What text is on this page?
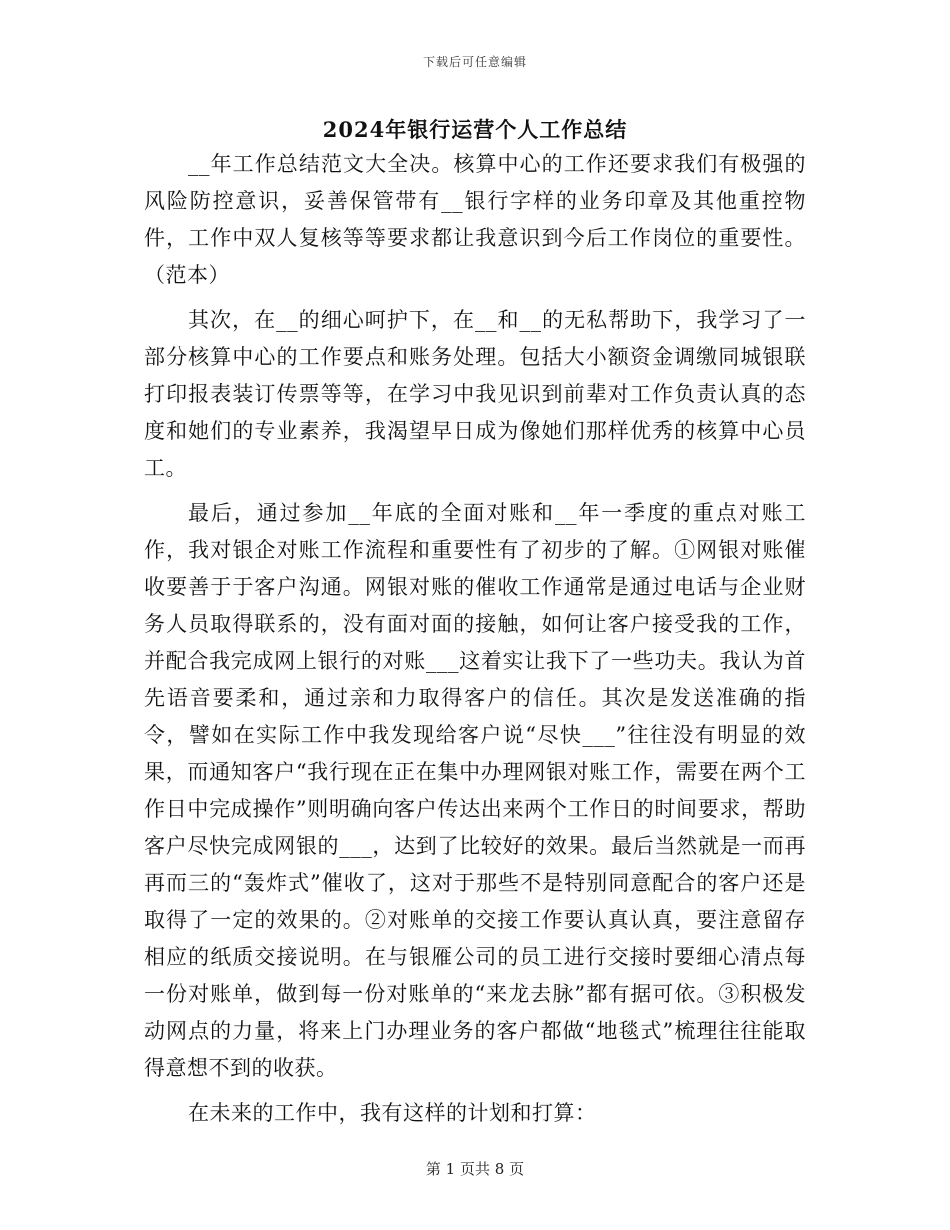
下载后可任意编辑
2024年银行运营个人工作总结

__年工作总结范文大全决。核算中心的工作还要求我们有极强的风险防控意识，妥善保管带有__银行字样的业务印章及其他重控物件，工作中双人复核等等要求都让我意识到今后工作岗位的重要性。（范本）

其次，在__的细心呵护下，在__和__的无私帮助下，我学习了一部分核算中心的工作要点和账务处理。包括大小额资金调缴同城银联打印报表装订传票等等，在学习中我见识到前辈对工作负责认真的态度和她们的专业素养，我渴望早日成为像她们那样优秀的核算中心员工。

最后，通过参加__年底的全面对账和__年一季度的重点对账工作，我对银企对账工作流程和重要性有了初步的了解。①网银对账催收要善于于客户沟通。网银对账的催收工作通常是通过电话与企业财务人员取得联系的，没有面对面的接触，如何让客户接受我的工作，并配合我完成网上银行的对账___这着实让我下了一些功夫。我认为首先语音要柔和，通过亲和力取得客户的信任。其次是发送准确的指令，譬如在实际工作中我发现给客户说“尽快___”往往没有明显的效果，而通知客户“我行现在正在集中办理网银对账工作，需要在两个工作日中完成操作”则明确向客户传达出来两个工作日的时间要求，帮助客户尽快完成网银的___，达到了比较好的效果。最后当然就是一而再再而三的“轰炸式”催收了，这对于那些不是特别同意配合的客户还是取得了一定的效果的。②对账单的交接工作要认真认真，要注意留存相应的纸质交接说明。在与银雁公司的员工进行交接时要细心清点每一份对账单，做到每一份对账单的“来龙去脉”都有据可依。③积极发动网点的力量，将来上门办理业务的客户都做“地毯式”梳理往往能取得意想不到的收获。

在未来的工作中，我有这样的计划和打算：

第 1 页共 8 页
